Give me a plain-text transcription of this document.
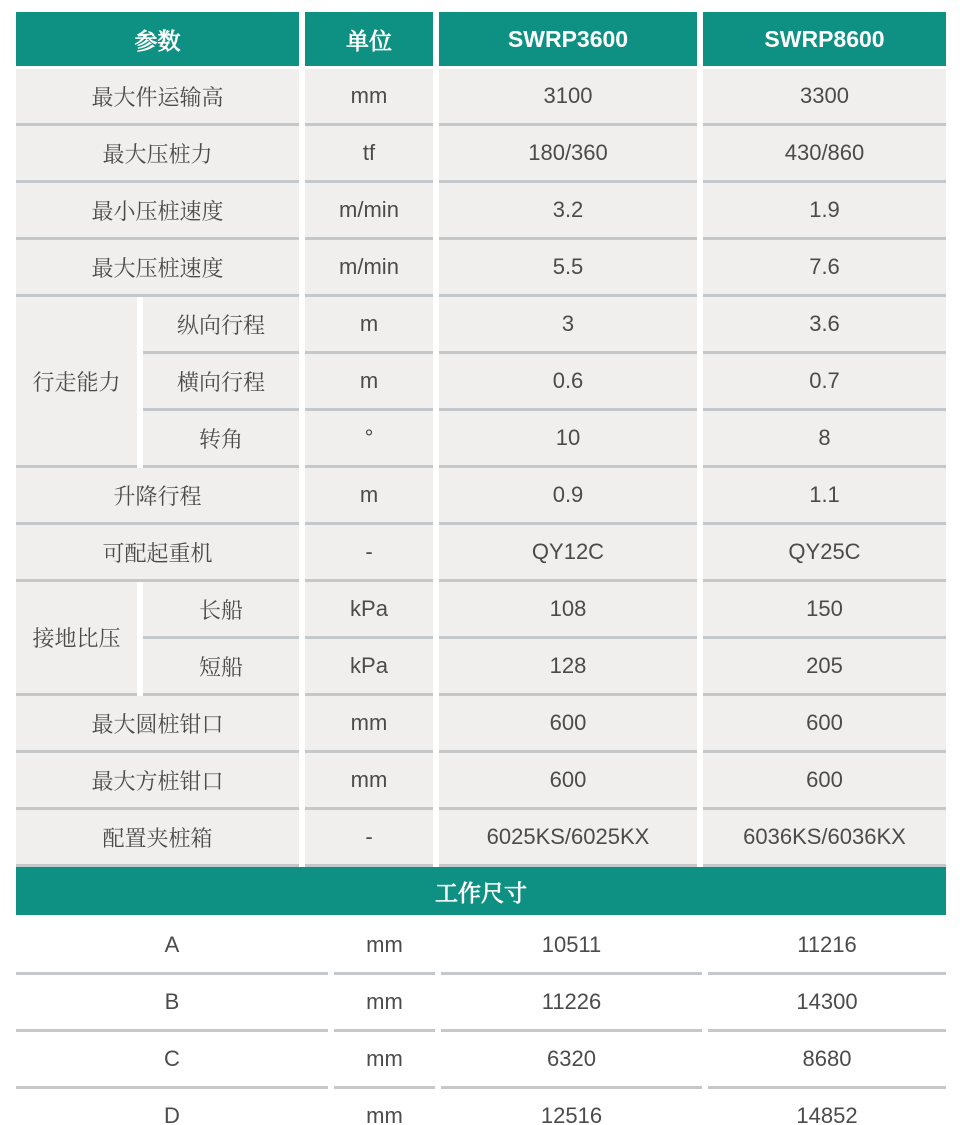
参数		单位	SWRP3600	SWRP8600
最大件运输高		mm	3100	3300
最大压桩力		tf	180/360	430/860
最小压桩速度		m/min	3.2	1.9
最大压桩速度		m/min	5.5	7.6
行走能力	纵向行程	m	3	3.6
	横向行程	m	0.6	0.7
	转角	°	10	8
升降行程		m	0.9	1.1
可配起重机		-	QY12C	QY25C
接地比压	长船	kPa	108	150
	短船	kPa	128	205
最大圆桩钳口		mm	600	600
最大方桩钳口		mm	600	600
配置夹桩箱		-	6025KS/6025KX	6036KS/6036KX
工作尺寸			
A	mm	10511	11216
B	mm	11226	14300
C	mm	6320	8680
D	mm	12516	14852
